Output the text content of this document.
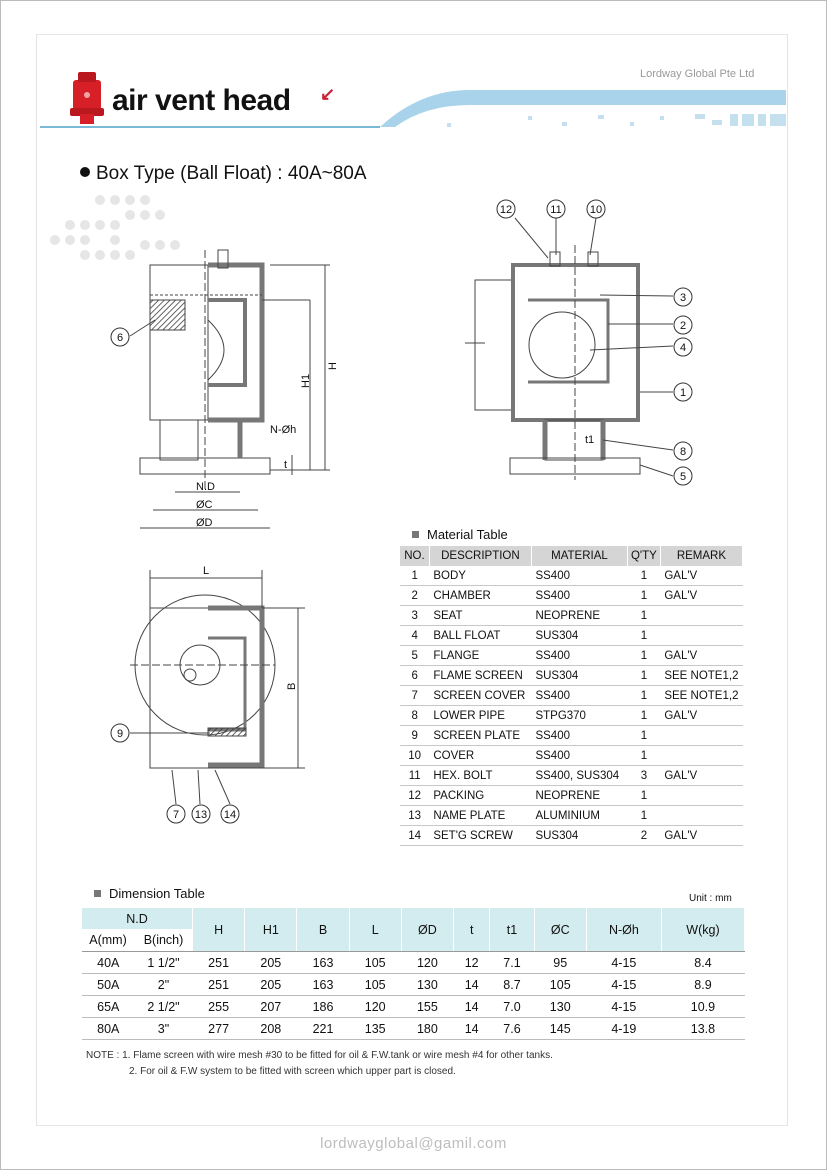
air vent head ↙
Lordway Global Pte Ltd
Box Type (Ball Float) : 40A~80A
6
12	11	10
3
2
4
1
8
5
9
7 13 14
N.D
ØC
ØD
N-Øh
t
t1
L
H
H1
B
Material Table
NO.	DESCRIPTION	MATERIAL	Q'TY	REMARK
1	BODY	SS400	1	GAL'V
2	CHAMBER	SS400	1	GAL'V
3	SEAT	NEOPRENE	1	
4	BALL FLOAT	SUS304	1	
5	FLANGE	SS400	1	GAL'V
6	FLAME SCREEN	SUS304	1	SEE NOTE1,2
7	SCREEN COVER	SS400	1	SEE NOTE1,2
8	LOWER PIPE	STPG370	1	GAL'V
9	SCREEN PLATE	SS400	1	
10	COVER	SS400	1	
11	HEX. BOLT	SS400, SUS304	3	GAL'V
12	PACKING	NEOPRENE	1	
13	NAME PLATE	ALUMINIUM	1	
14	SET'G SCREW	SUS304	2	GAL'V
Dimension Table	Unit : mm
N.D		H	H1	B	L	ØD	t	t1	ØC	N-Øh	W(kg)
A(mm)	B(inch)										
40A	1 1/2"	251	205	163	105	120	12	7.1	95	4-15	8.4
50A	2"	251	205	163	105	130	14	8.7	105	4-15	8.9
65A	2 1/2"	255	207	186	120	155	14	7.0	130	4-15	10.9
80A	3"	277	208	221	135	180	14	7.6	145	4-19	13.8
NOTE : 1. Flame screen with wire mesh #30 to be fitted for oil & F.W.tank or wire mesh #4 for other tanks.
2. For oil & F.W system to be fitted with screen which upper part is closed.
lordwayglobal@gamil.com
